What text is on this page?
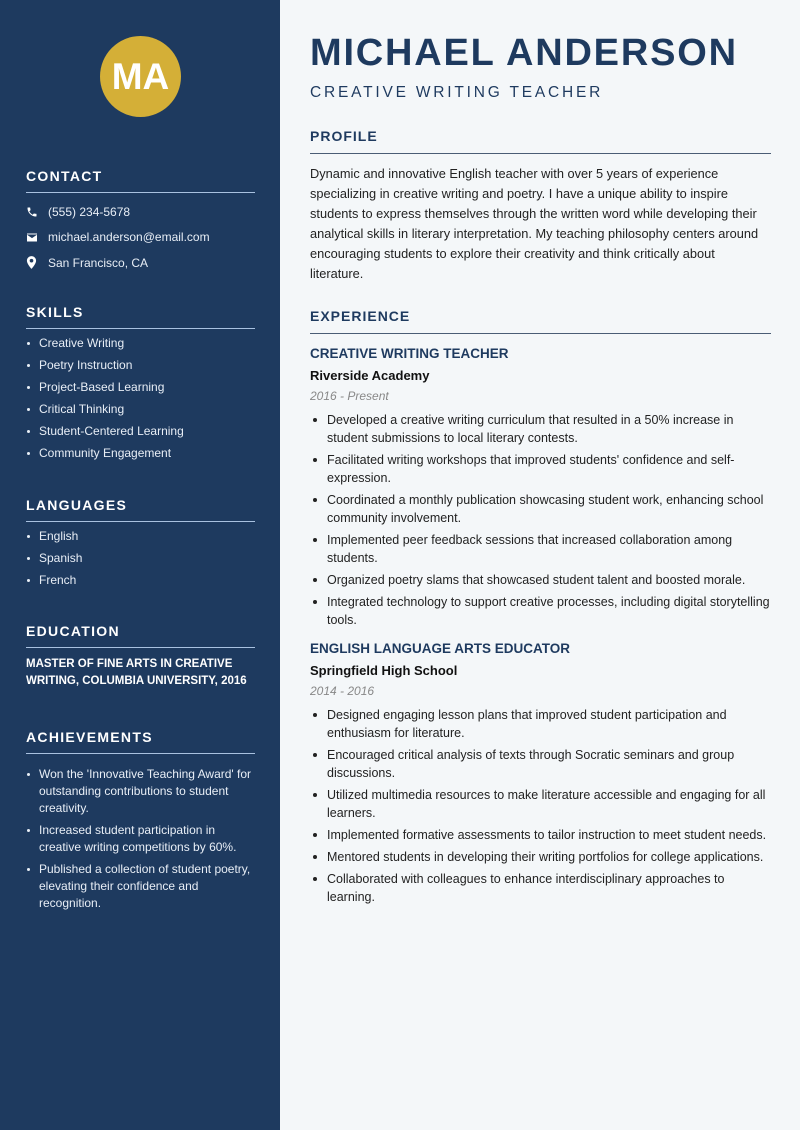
MA
CONTACT
(555) 234-5678
michael.anderson@email.com
San Francisco, CA
SKILLS
Creative Writing
Poetry Instruction
Project-Based Learning
Critical Thinking
Student-Centered Learning
Community Engagement
LANGUAGES
English
Spanish
French
EDUCATION
MASTER OF FINE ARTS IN CREATIVE WRITING, COLUMBIA UNIVERSITY, 2016
ACHIEVEMENTS
Won the 'Innovative Teaching Award' for outstanding contributions to student creativity.
Increased student participation in creative writing competitions by 60%.
Published a collection of student poetry, elevating their confidence and recognition.
MICHAEL ANDERSON
CREATIVE WRITING TEACHER
PROFILE

Dynamic and innovative English teacher with over 5 years of experience specializing in creative writing and poetry. I have a unique ability to inspire students to express themselves through the written word while developing their analytical skills in literary interpretation. My teaching philosophy centers around encouraging students to explore their creativity and think critically about literature.

EXPERIENCE
CREATIVE WRITING TEACHER
Riverside Academy
2016 - Present
Developed a creative writing curriculum that resulted in a 50% increase in student submissions to local literary contests.
Facilitated writing workshops that improved students' confidence and self-expression.
Coordinated a monthly publication showcasing student work, enhancing school community involvement.
Implemented peer feedback sessions that increased collaboration among students.
Organized poetry slams that showcased student talent and boosted morale.
Integrated technology to support creative processes, including digital storytelling tools.
ENGLISH LANGUAGE ARTS EDUCATOR
Springfield High School
2014 - 2016
Designed engaging lesson plans that improved student participation and enthusiasm for literature.
Encouraged critical analysis of texts through Socratic seminars and group discussions.
Utilized multimedia resources to make literature accessible and engaging for all learners.
Implemented formative assessments to tailor instruction to meet student needs.
Mentored students in developing their writing portfolios for college applications.
Collaborated with colleagues to enhance interdisciplinary approaches to learning.
